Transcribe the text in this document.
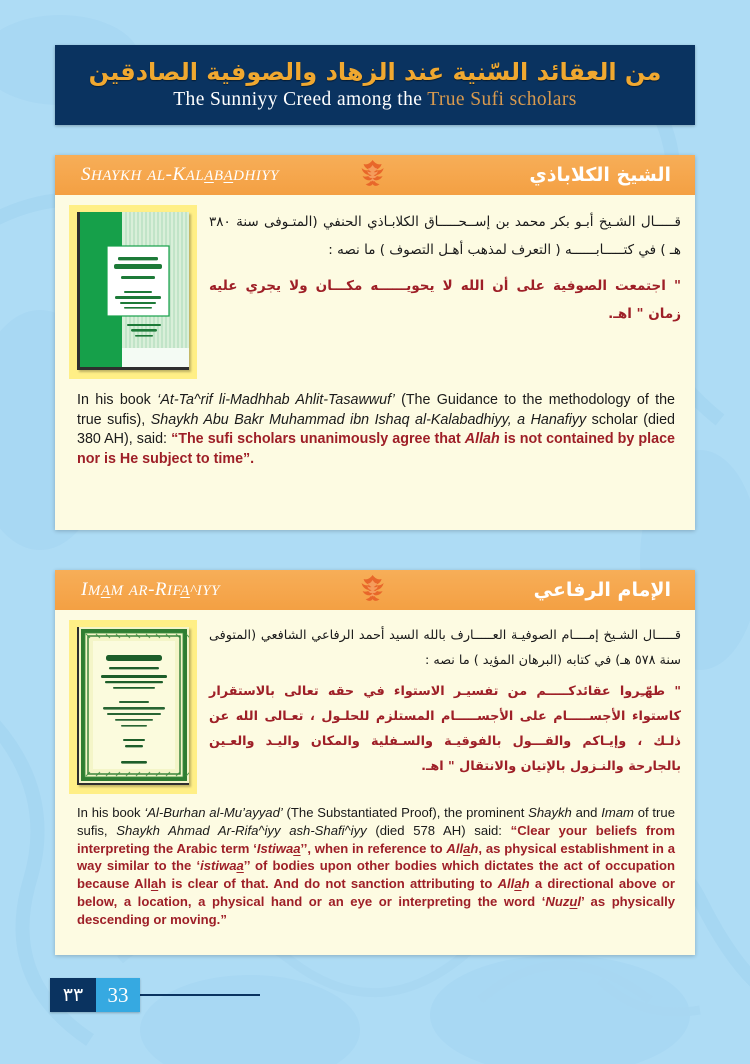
من العقائد السّنية عند الزهاد والصوفية الصادقين
The Sunniyy Creed among the True Sufi scholars
SHAYKH AL-KALABADHIYY	الشيخ الكلاباذي
قـــــال الشـيخ أبـو بكر محمد بن إســحـــــاق الكلابـاذي الحنفي (المتـوفى سنة ٣٨٠ هـ ) في كتـــــابــــــه ( التعرف لمذهب أهـل التصوف ) ما نصه :
" اجتمعت الصوفية على أن الله لا يحويــــــه مكـــان ولا يجري عليه زمان " اهـ.
In his book ‘At-Ta^rif li-Madhhab Ahlit-Tasawwuf’ (The Guidance to the methodology of the true sufis), Shaykh Abu Bakr Muhammad ibn Ishaq al-Kalabadhiyy, a Hanafiyy scholar (died 380 AH), said: “The sufi scholars unanimously agree that Allah is not contained by place nor is He subject to time”.
IMAM AR-RIFA^IYY	الإمام الرفاعي
قـــــال الشـيخ إمــــام الصوفيـة العـــــارف بالله السيد أحمد الرفاعي الشافعي (المتوفى سنة ٥٧٨ هـ) في كتابه (البرهان المؤيد ) ما نصه :
" طهّـِروا عقائدكـــــم من تفسيـر الاستواء في حقه تعالى بالاستقرار كاستواء الأجســـــام على الأجســـــام المستلزم للحلـول ، تعـالى الله عن ذلـك ، وإيـاكم والقـــول بالفوقيـة والسـفلية والمكان واليـد والعـين بالجارحة والنـزول بالإتيان والانتقال " اهـ.
In his book ‘Al-Burhan al-Mu’ayyad’ (The Substantiated Proof), the prominent Shaykh and Imam of true sufis, Shaykh Ahmad Ar-Rifa^iyy ash-Shafi^iyy (died 578 AH) said: “Clear your beliefs from interpreting the Arabic term ‘Istiwaa’’, when in reference to Allah, as physical establishment in a way similar to the ‘istiwaa’’ of bodies upon other bodies which dictates the act of occupation because Allah is clear of that. And do not sanction attributing to Allah a directional above or below, a location, a physical hand or an eye or interpreting the word ‘Nuzul’ as physically descending or moving.”
٣٣	33
